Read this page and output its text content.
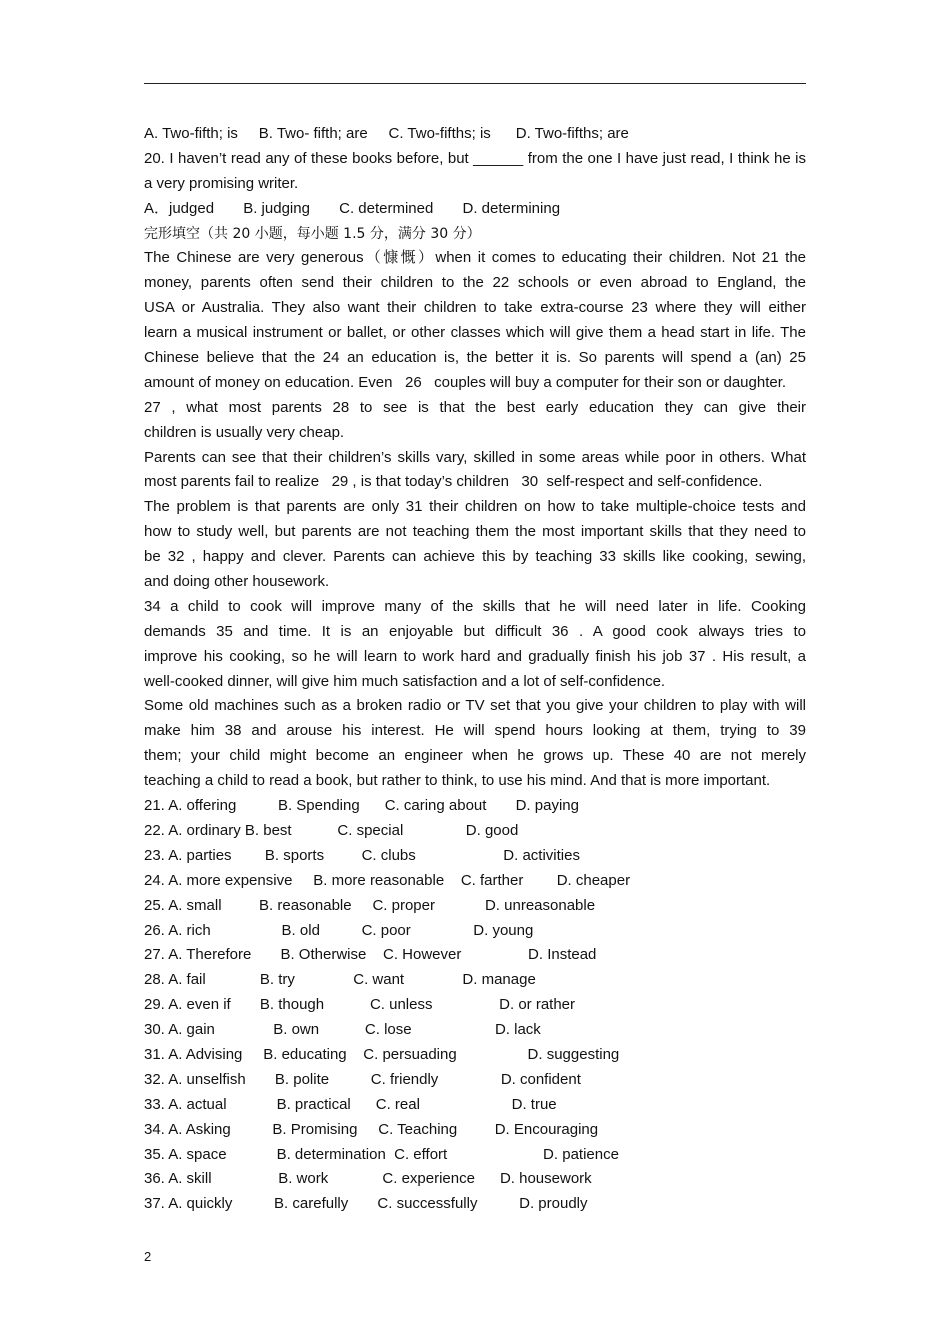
A. Two-fifth; is     B. Two- fifth; are     C. Two-fifths; is      D. Two-fifths; are
20. I haven’t read any of these books before, but ______ from the one I have just read, I think he is
a very promising writer.
A．judged       B. judging       C. determined       D. determining
完形填空（共 20 小题，每小题 1.5 分，满分 30 分）
The Chinese are very generous（慷慨）when it comes to educating their children. Not 21 the
money, parents often send their children to the 22 schools or even abroad to England, the
USA or Australia. They also want their children to take extra-course 23 where they will either
learn a musical instrument or ballet, or other classes which will give them a head start in life. The
Chinese believe that the 24 an education is, the better it is. So parents will spend a (an) 25
amount of money on education. Even   26   couples will buy a computer for their son or daughter.
27 , what most parents 28 to see is that the best early education they can give their
children is usually very cheap.
Parents can see that their children’s skills vary, skilled in some areas while poor in others. What
most parents fail to realize   29 , is that today’s children   30  self-respect and self-confidence.
The problem is that parents are only 31 their children on how to take multiple-choice tests and
how to study well, but parents are not teaching them the most important skills that they need to
be 32 , happy and clever. Parents can achieve this by teaching 33 skills like cooking, sewing,
and doing other housework.
34 a child to cook will improve many of the skills that he will need later in life. Cooking
demands 35 and time. It is an enjoyable but difficult 36 . A good cook always tries to
improve his cooking, so he will learn to work hard and gradually finish his job 37 . His result, a
well-cooked dinner, will give him much satisfaction and a lot of self-confidence.
Some old machines such as a broken radio or TV set that you give your children to play with will
make him 38 and arouse his interest. He will spend hours looking at them, trying to 39
them; your child might become an engineer when he grows up. These 40 are not merely
teaching a child to read a book, but rather to think, to use his mind. And that is more important.
21. A. offering          B. Spending      C. caring about       D. paying
22. A. ordinary B. best           C. special               D. good
23. A. parties        B. sports         C. clubs                     D. activities
24. A. more expensive     B. more reasonable    C. farther        D. cheaper
25. A. small         B. reasonable     C. proper            D. unreasonable
26. A. rich                 B. old          C. poor               D. young
27. A. Therefore       B. Otherwise    C. However                D. Instead
28. A. fail             B. try              C. want              D. manage
29. A. even if       B. though           C. unless                D. or rather
30. A. gain              B. own           C. lose                    D. lack
31. A. Advising     B. educating    C. persuading                 D. suggesting
32. A. unselfish       B. polite          C. friendly               D. confident
33. A. actual            B. practical      C. real                      D. true
34. A. Asking          B. Promising     C. Teaching         D. Encouraging
35. A. space            B. determination  C. effort                       D. patience
36. A. skill                B. work             C. experience      D. housework
37. A. quickly          B. carefully       C. successfully          D. proudly
2
